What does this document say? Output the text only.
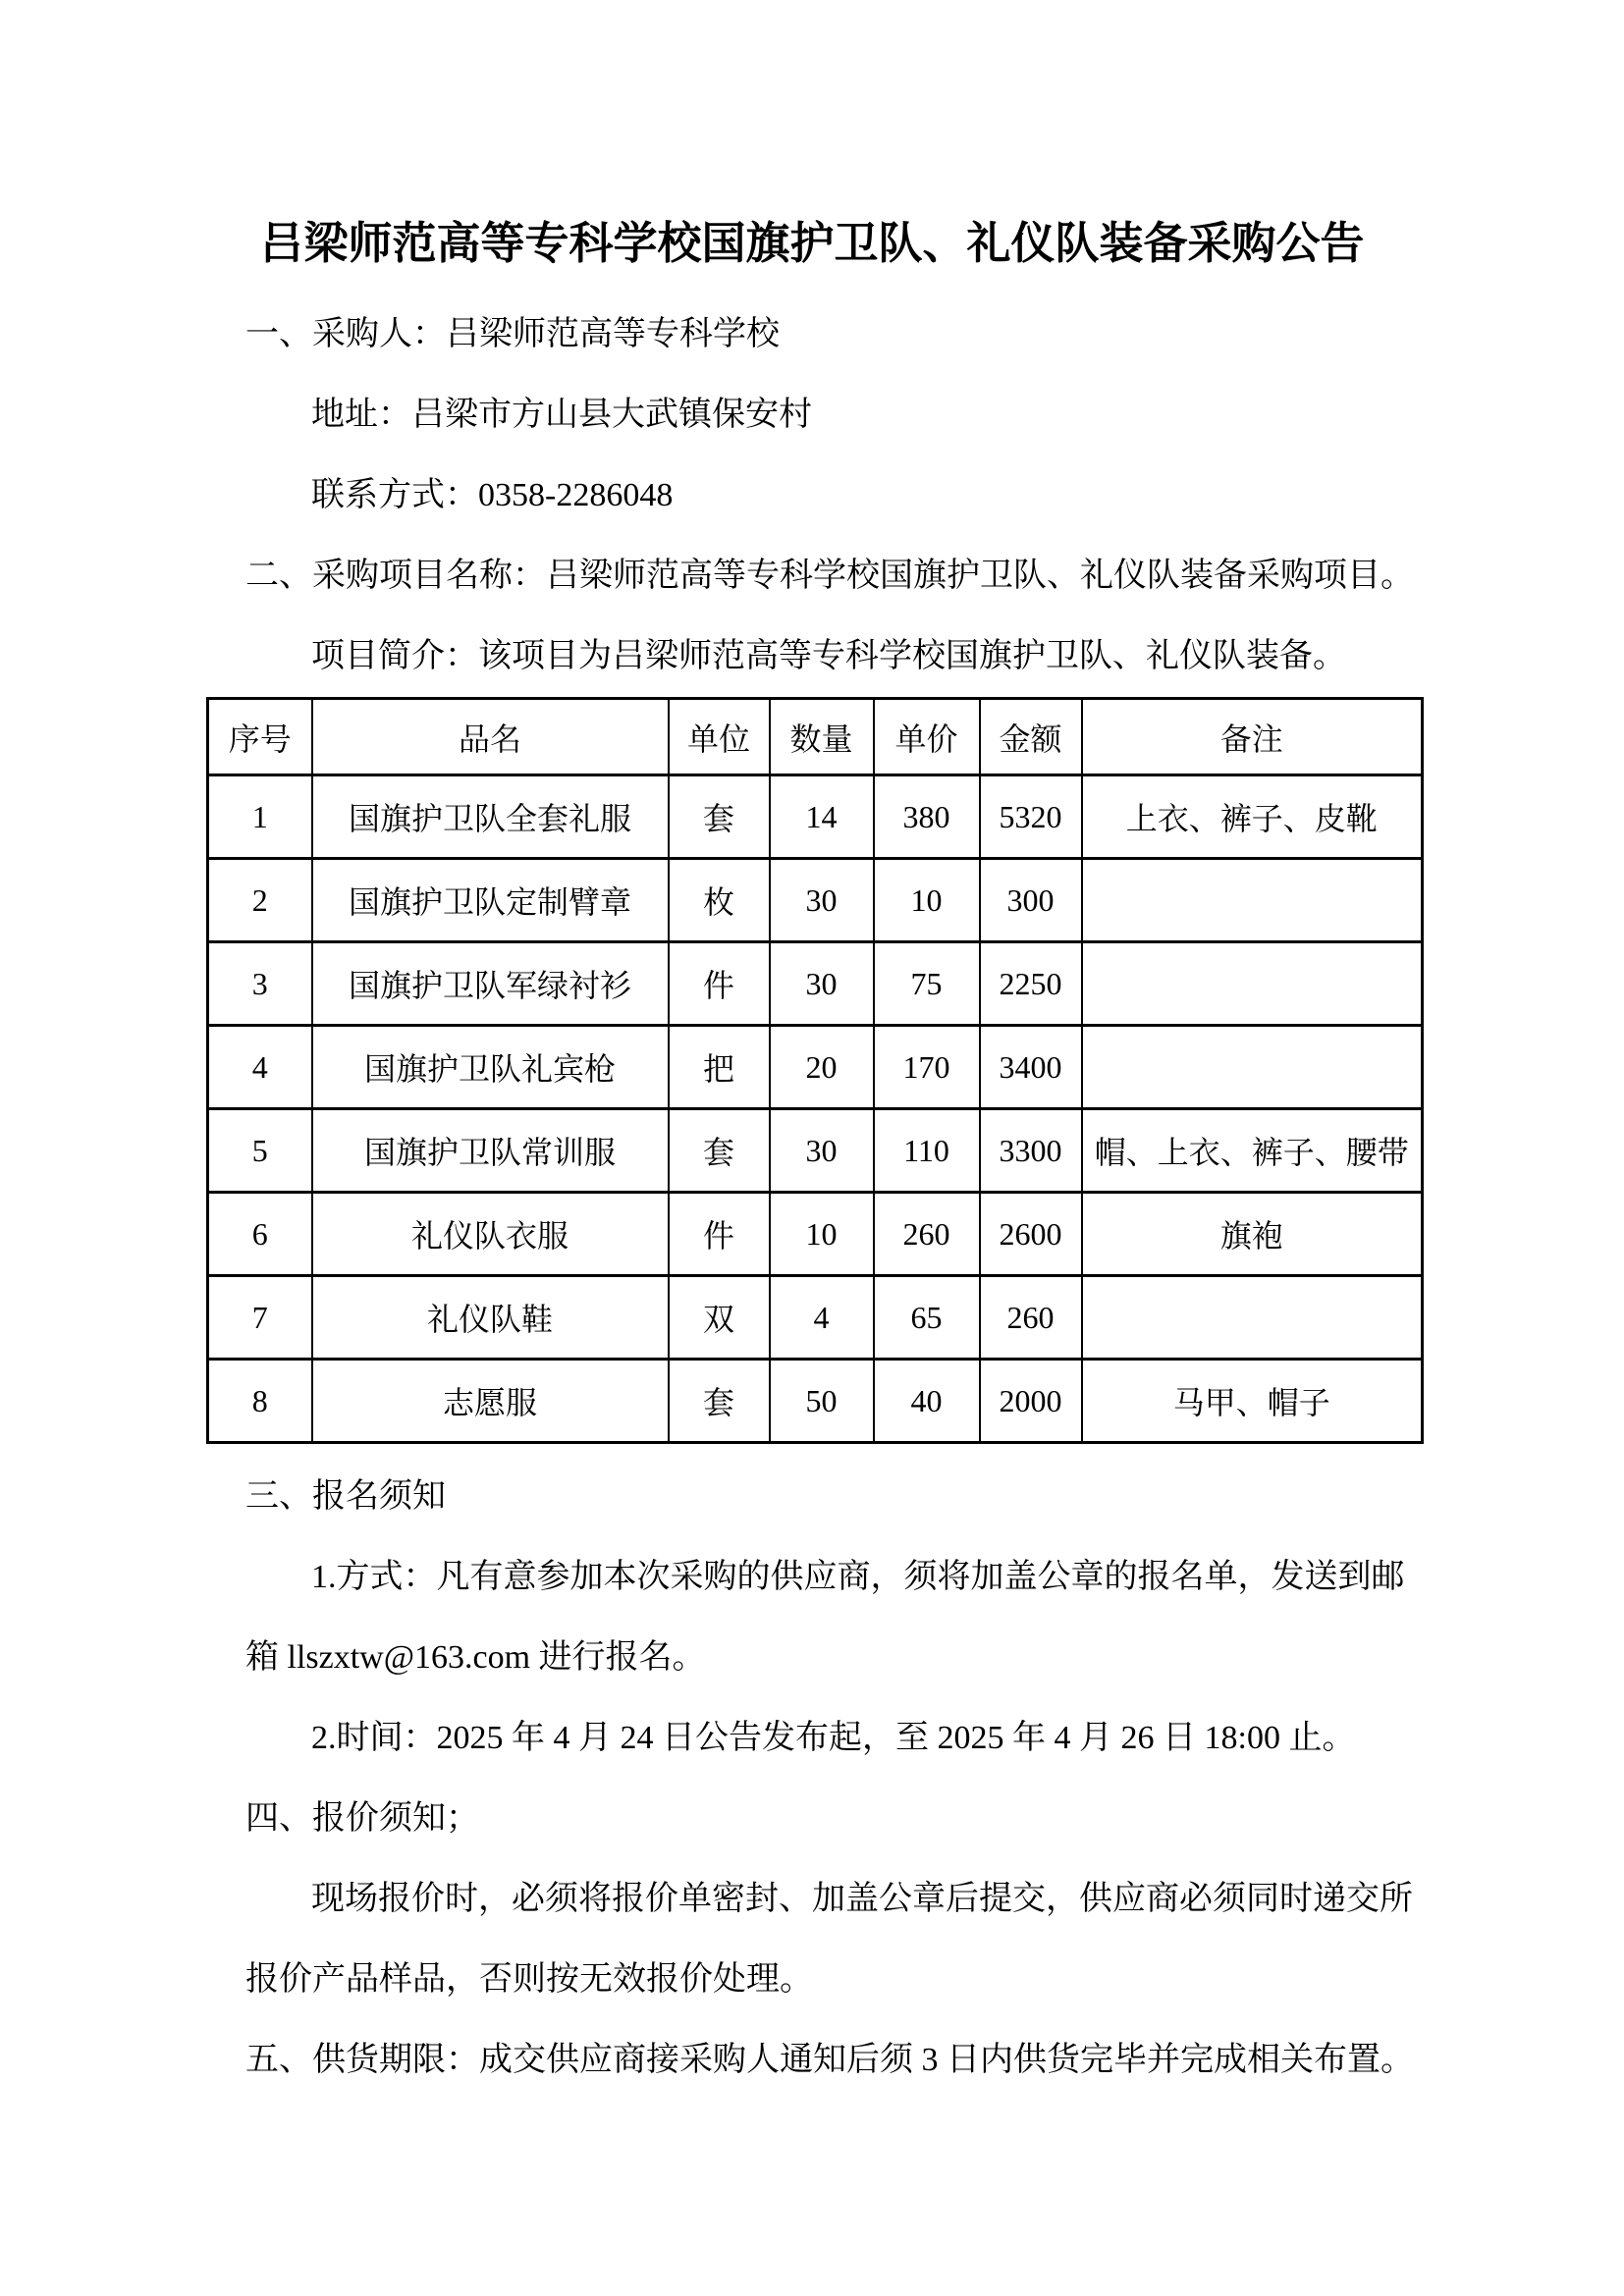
吕梁师范高等专科学校国旗护卫队、礼仪队装备采购公告

一、采购人：吕梁师范高等专科学校

地址：吕梁市方山县大武镇保安村

联系方式：0358-2286048

二、采购项目名称：吕梁师范高等专科学校国旗护卫队、礼仪队装备采购项目。

项目简介：该项目为吕梁师范高等专科学校国旗护卫队、礼仪队装备。

序号	品名	单位	数量	单价	金额	备注
1	国旗护卫队全套礼服	套	14	380	5320	上衣、裤子、皮靴
2	国旗护卫队定制臂章	枚	30	10	300	
3	国旗护卫队军绿衬衫	件	30	75	2250	
4	国旗护卫队礼宾枪	把	20	170	3400	
5	国旗护卫队常训服	套	30	110	3300	帽、上衣、裤子、腰带
6	礼仪队衣服	件	10	260	2600	旗袍
7	礼仪队鞋	双	4	65	260	
8	志愿服	套	50	40	2000	马甲、帽子

三、报名须知

1.方式：凡有意参加本次采购的供应商，须将加盖公章的报名单，发送到邮

箱 llszxtw@163.com 进行报名。

2.时间：2025 年 4 月 24 日公告发布起，至 2025 年 4 月 26 日 18:00 止。

四、报价须知；

现场报价时，必须将报价单密封、加盖公章后提交，供应商必须同时递交所

报价产品样品，否则按无效报价处理。

五、供货期限：成交供应商接采购人通知后须 3 日内供货完毕并完成相关布置。
